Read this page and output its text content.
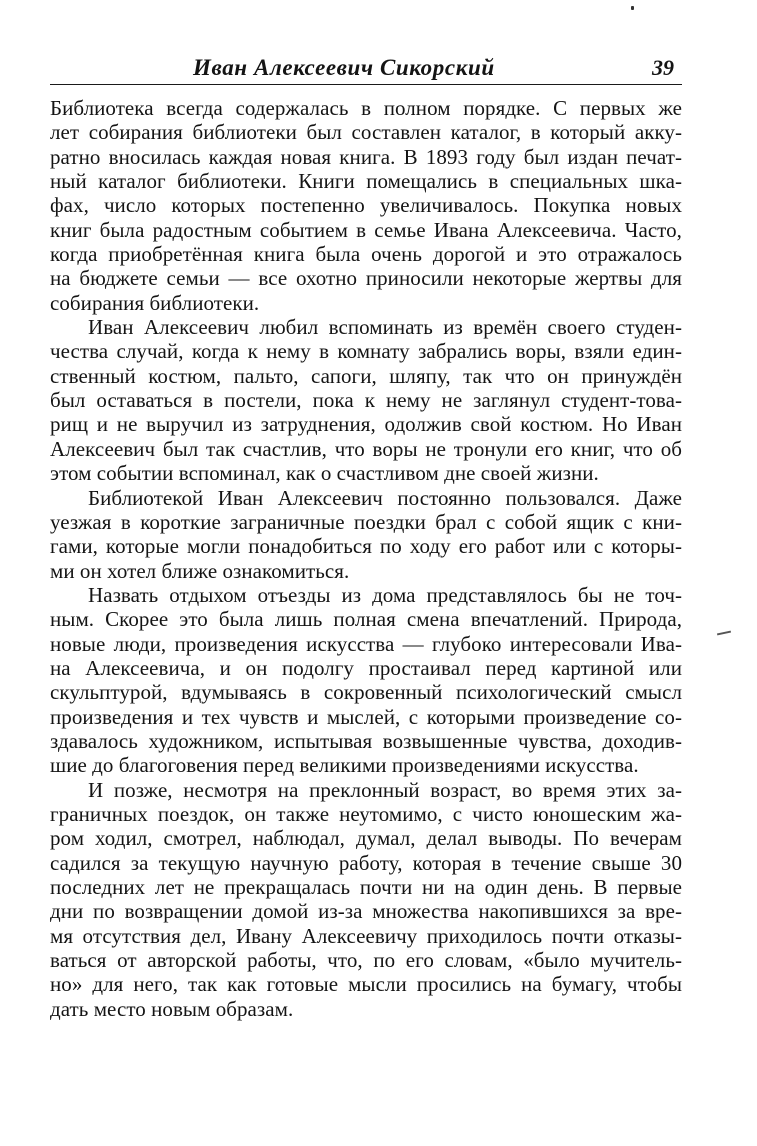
Иван Алексеевич Сикорский	39

Библиотека всегда содержалась в полном порядке. С первых же
лет собирания библиотеки был составлен каталог, в который акку-
ратно вносилась каждая новая книга. В 1893 году был издан печат-
ный каталог библиотеки. Книги помещались в специальных шка-
фах, число которых постепенно увеличивалось. Покупка новых
книг была радостным событием в семье Ивана Алексеевича. Часто,
когда приобретённая книга была очень дорогой и это отражалось
на бюджете семьи — все охотно приносили некоторые жертвы для
собирания библиотеки.

Иван Алексеевич любил вспоминать из времён своего студен-
чества случай, когда к нему в комнату забрались воры, взяли един-
ственный костюм, пальто, сапоги, шляпу, так что он принуждён
был оставаться в постели, пока к нему не заглянул студент-това-
рищ и не выручил из затруднения, одолжив свой костюм. Но Иван
Алексеевич был так счастлив, что воры не тронули его книг, что об
этом событии вспоминал, как о счастливом дне своей жизни.

Библиотекой Иван Алексеевич постоянно пользовался. Даже
уезжая в короткие заграничные поездки брал с собой ящик с кни-
гами, которые могли понадобиться по ходу его работ или с которы-
ми он хотел ближе ознакомиться.

Назвать отдыхом отъезды из дома представлялось бы не точ-
ным. Скорее это была лишь полная смена впечатлений. Природа,
новые люди, произведения искусства — глубоко интересовали Ива-
на Алексеевича, и он подолгу простаивал перед картиной или
скульптурой, вдумываясь в сокровенный психологический смысл
произведения и тех чувств и мыслей, с которыми произведение со-
здавалось художником, испытывая возвышенные чувства, доходив-
шие до благоговения перед великими произведениями искусства.

И позже, несмотря на преклонный возраст, во время этих за-
граничных поездок, он также неутомимо, с чисто юношеским жа-
ром ходил, смотрел, наблюдал, думал, делал выводы. По вечерам
садился за текущую научную работу, которая в течение свыше 30
последних лет не прекращалась почти ни на один день. В первые
дни по возвращении домой из-за множества накопившихся за вре-
мя отсутствия дел, Ивану Алексеевичу приходилось почти отказы-
ваться от авторской работы, что, по его словам, «было мучитель-
но» для него, так как готовые мысли просились на бумагу, чтобы
дать место новым образам.
